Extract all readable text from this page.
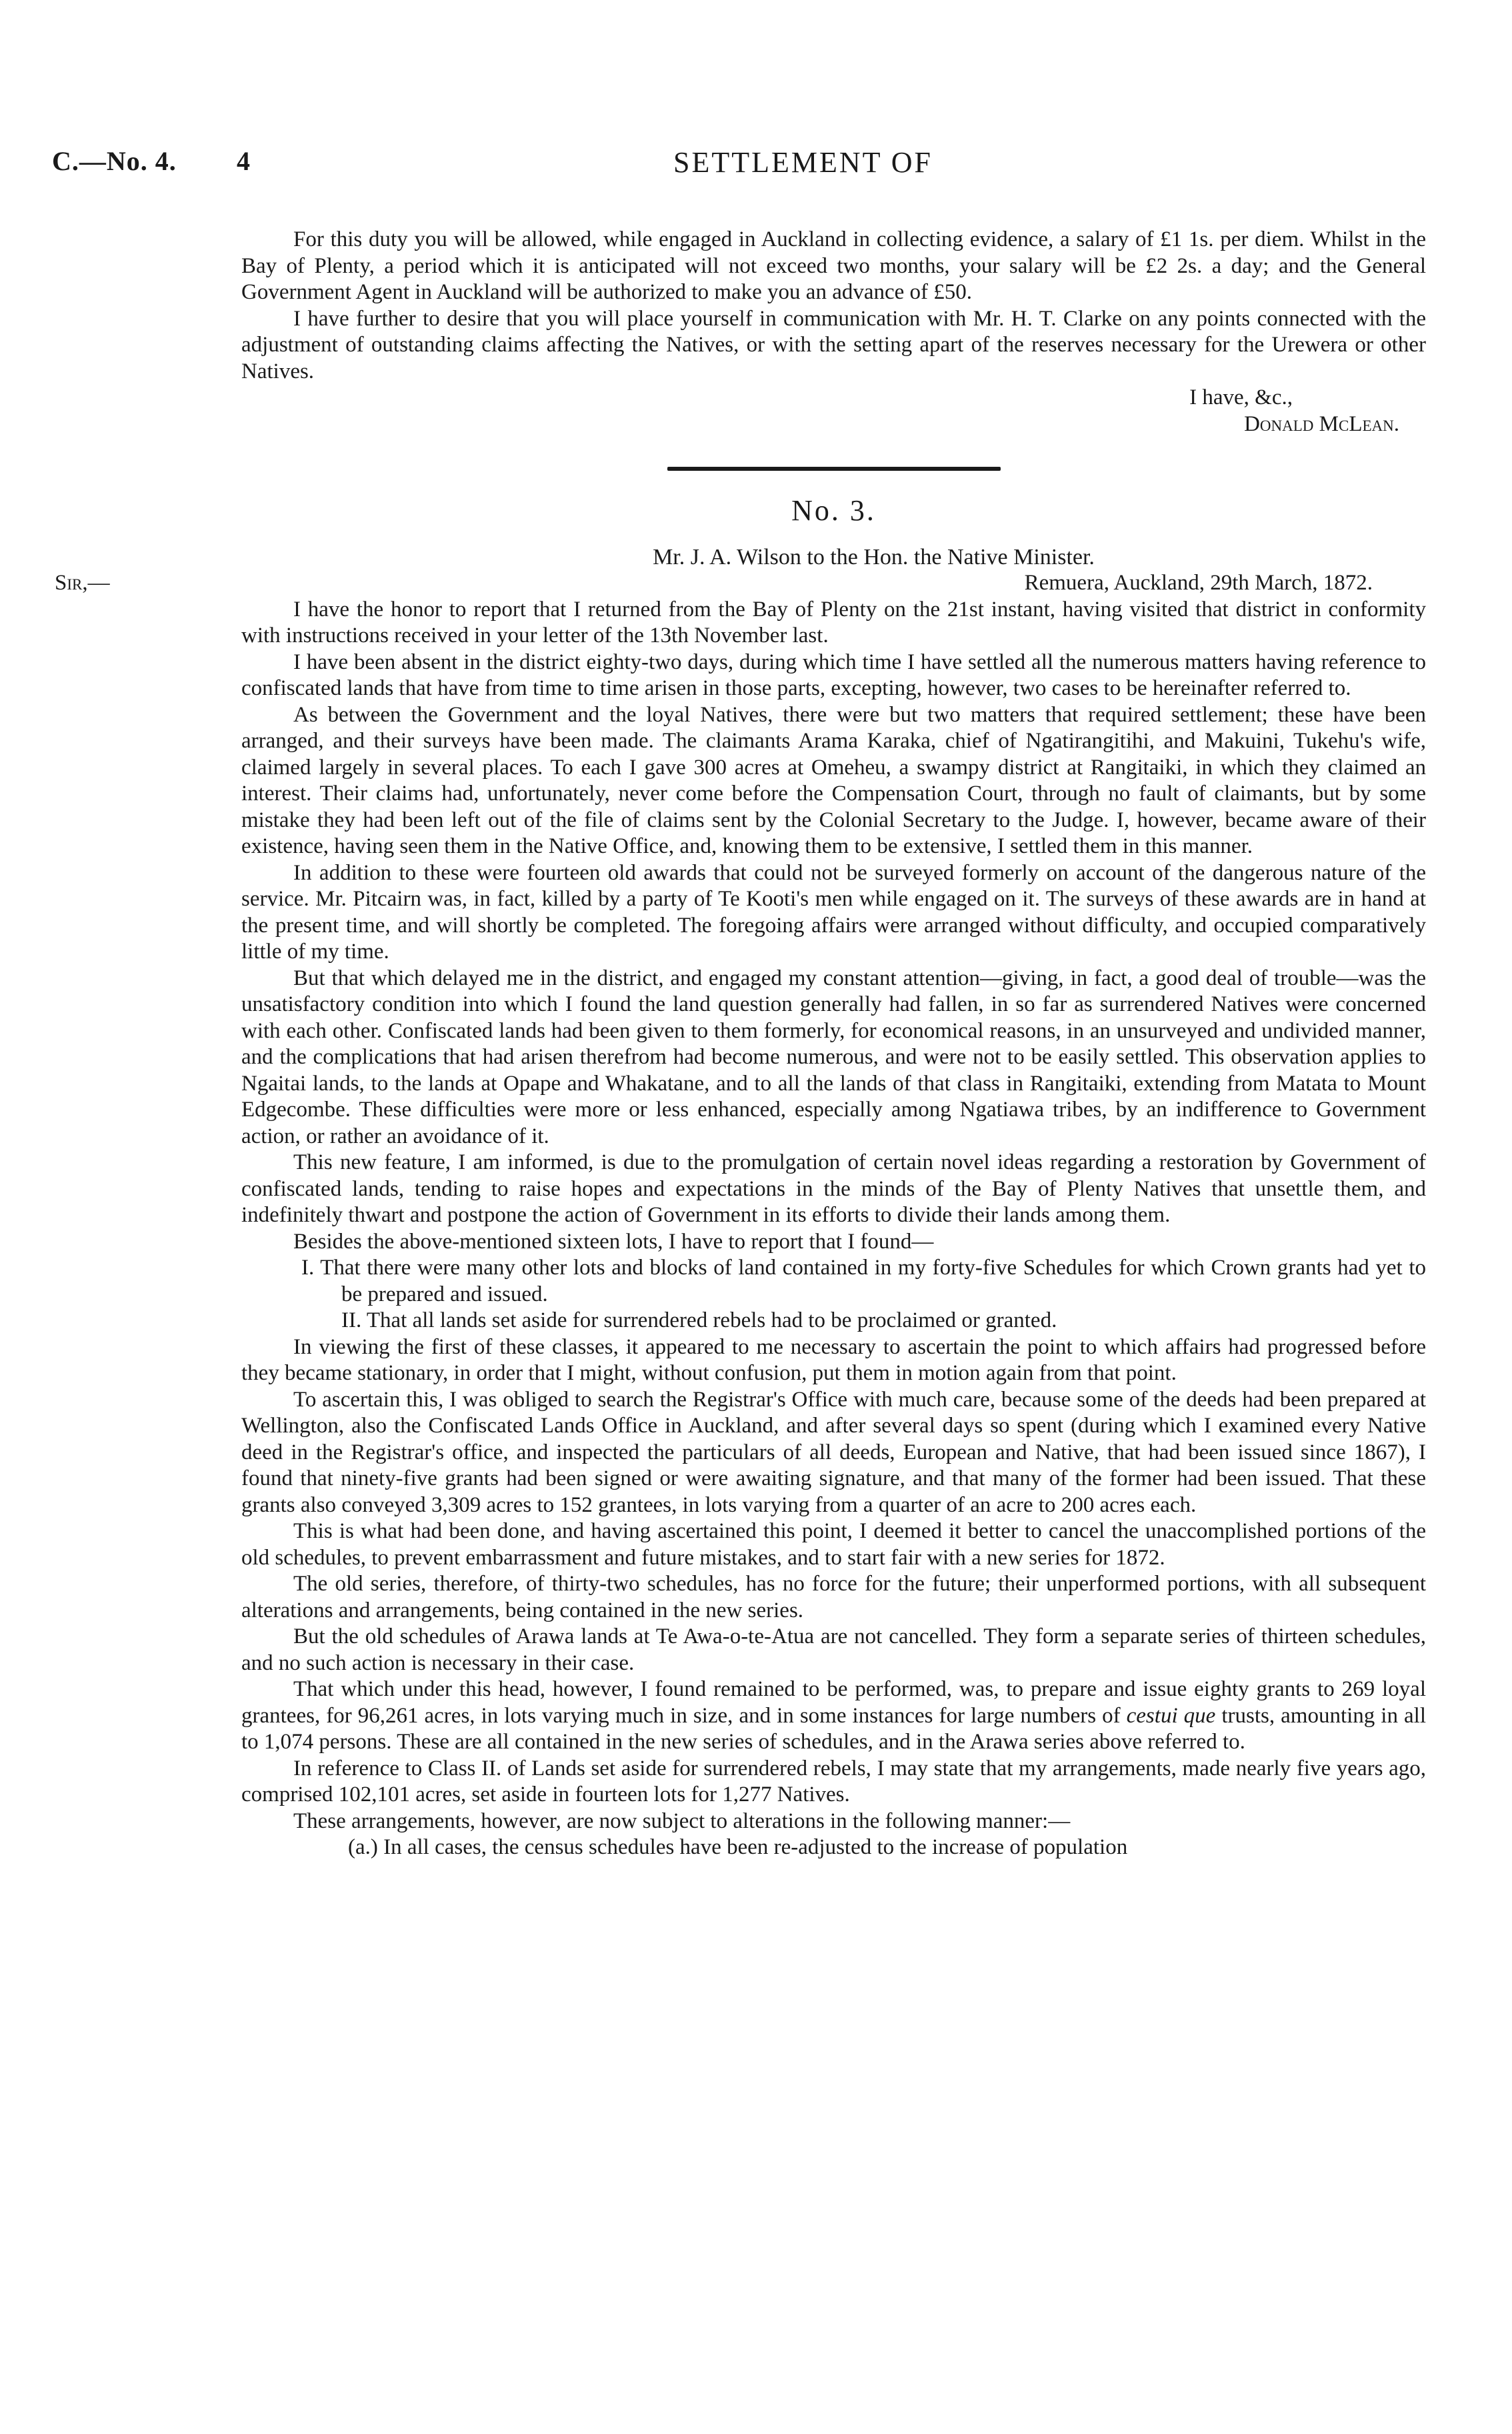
C.—No. 4. 4	SETTLEMENT OF

For this duty you will be allowed, while engaged in Auckland in collecting evidence, a salary of £1 1s. per diem. Whilst in the Bay of Plenty, a period which it is anticipated will not exceed two months, your salary will be £2 2s. a day; and the General Government Agent in Auckland will be authorized to make you an advance of £50.

I have further to desire that you will place yourself in communication with Mr. H. T. Clarke on any points connected with the adjustment of outstanding claims affecting the Natives, or with the setting apart of the reserves necessary for the Urewera or other Natives.

I have, &c.,

Donald McLean.

No. 3.

Mr. J. A. Wilson to the Hon. the Native Minister.

Sir,—	Remuera, Auckland, 29th March, 1872.

I have the honor to report that I returned from the Bay of Plenty on the 21st instant, having visited that district in conformity with instructions received in your letter of the 13th November last.

I have been absent in the district eighty-two days, during which time I have settled all the numerous matters having reference to confiscated lands that have from time to time arisen in those parts, excepting, however, two cases to be hereinafter referred to.

As between the Government and the loyal Natives, there were but two matters that required settlement; these have been arranged, and their surveys have been made. The claimants Arama Karaka, chief of Ngatirangitihi, and Makuini, Tukehu's wife, claimed largely in several places. To each I gave 300 acres at Omeheu, a swampy district at Rangitaiki, in which they claimed an interest. Their claims had, unfortunately, never come before the Compensation Court, through no fault of claimants, but by some mistake they had been left out of the file of claims sent by the Colonial Secretary to the Judge. I, however, became aware of their existence, having seen them in the Native Office, and, knowing them to be extensive, I settled them in this manner.

In addition to these were fourteen old awards that could not be surveyed formerly on account of the dangerous nature of the service. Mr. Pitcairn was, in fact, killed by a party of Te Kooti's men while engaged on it. The surveys of these awards are in hand at the present time, and will shortly be completed. The foregoing affairs were arranged without difficulty, and occupied comparatively little of my time.

But that which delayed me in the district, and engaged my constant attention—giving, in fact, a good deal of trouble—was the unsatisfactory condition into which I found the land question generally had fallen, in so far as surrendered Natives were concerned with each other. Confiscated lands had been given to them formerly, for economical reasons, in an unsurveyed and undivided manner, and the complications that had arisen therefrom had become numerous, and were not to be easily settled. This observation applies to Ngaitai lands, to the lands at Opape and Whakatane, and to all the lands of that class in Rangitaiki, extending from Matata to Mount Edgecombe. These difficulties were more or less enhanced, especially among Ngatiawa tribes, by an indifference to Government action, or rather an avoidance of it.

This new feature, I am informed, is due to the promulgation of certain novel ideas regarding a restoration by Government of confiscated lands, tending to raise hopes and expectations in the minds of the Bay of Plenty Natives that unsettle them, and indefinitely thwart and postpone the action of Government in its efforts to divide their lands among them.

Besides the above-mentioned sixteen lots, I have to report that I found—

I. That there were many other lots and blocks of land contained in my forty-five Schedules for which Crown grants had yet to be prepared and issued.

II. That all lands set aside for surrendered rebels had to be proclaimed or granted.

In viewing the first of these classes, it appeared to me necessary to ascertain the point to which affairs had progressed before they became stationary, in order that I might, without confusion, put them in motion again from that point.

To ascertain this, I was obliged to search the Registrar's Office with much care, because some of the deeds had been prepared at Wellington, also the Confiscated Lands Office in Auckland, and after several days so spent (during which I examined every Native deed in the Registrar's office, and inspected the particulars of all deeds, European and Native, that had been issued since 1867), I found that ninety-five grants had been signed or were awaiting signature, and that many of the former had been issued. That these grants also conveyed 3,309 acres to 152 grantees, in lots varying from a quarter of an acre to 200 acres each.

This is what had been done, and having ascertained this point, I deemed it better to cancel the unaccomplished portions of the old schedules, to prevent embarrassment and future mistakes, and to start fair with a new series for 1872.

The old series, therefore, of thirty-two schedules, has no force for the future; their unperformed portions, with all subsequent alterations and arrangements, being contained in the new series.

But the old schedules of Arawa lands at Te Awa-o-te-Atua are not cancelled. They form a separate series of thirteen schedules, and no such action is necessary in their case.

That which under this head, however, I found remained to be performed, was, to prepare and issue eighty grants to 269 loyal grantees, for 96,261 acres, in lots varying much in size, and in some instances for large numbers of cestui que trusts, amounting in all to 1,074 persons. These are all contained in the new series of schedules, and in the Arawa series above referred to.

In reference to Class II. of Lands set aside for surrendered rebels, I may state that my arrangements, made nearly five years ago, comprised 102,101 acres, set aside in fourteen lots for 1,277 Natives.

These arrangements, however, are now subject to alterations in the following manner:—

(a.) In all cases, the census schedules have been re-adjusted to the increase of population
